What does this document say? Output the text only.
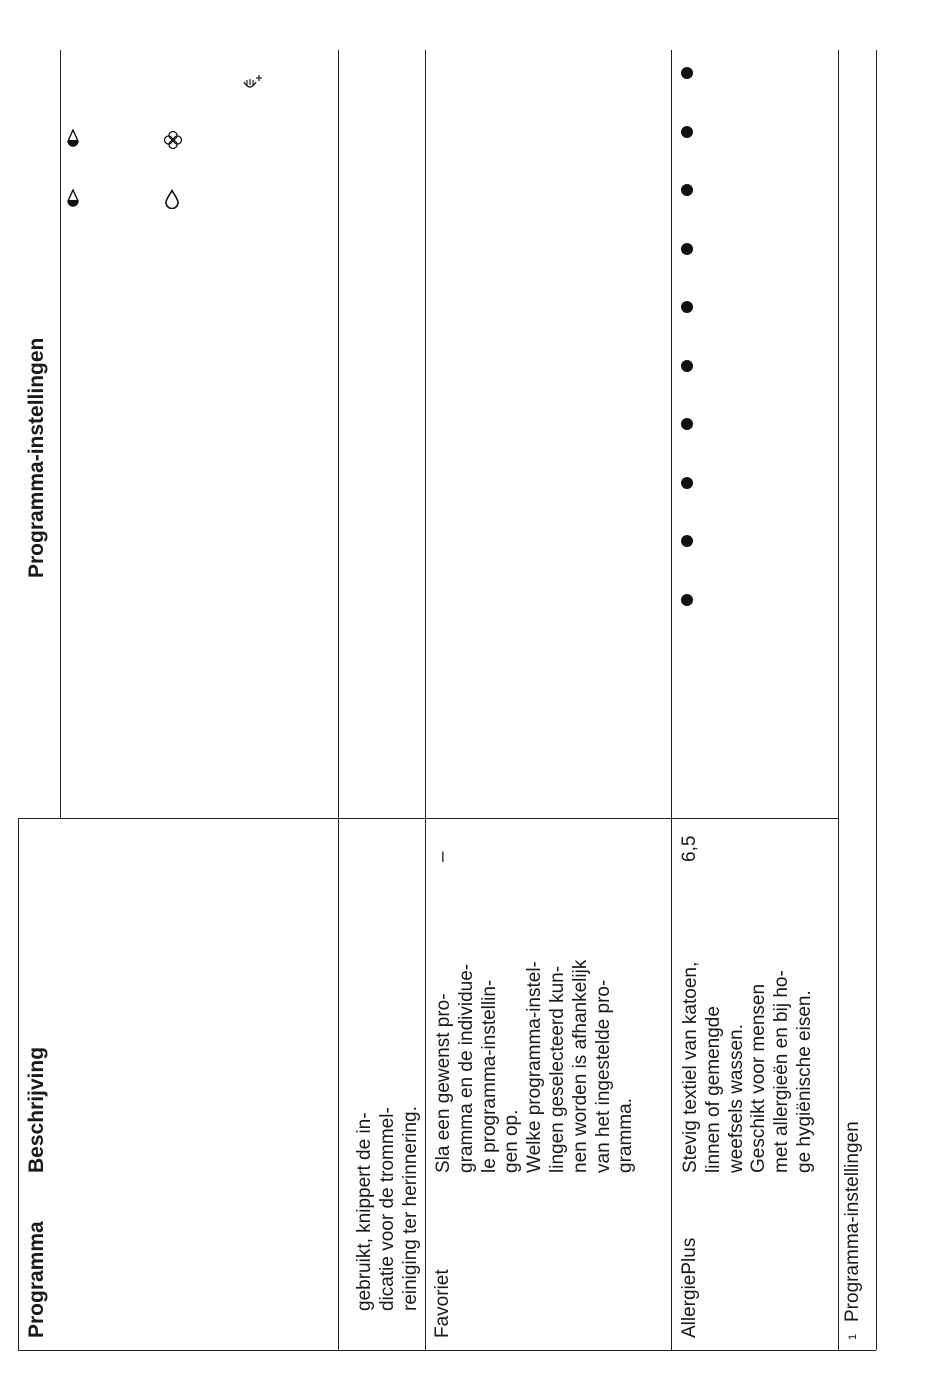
Programma
Beschrijving
Programma-instellingen
gebruikt, knippert de in-
dicatie voor de trommel-
reiniging ter herinnering.
Favoriet
Sla een gewenst pro-
gramma en de individue-
le programma-instellin-
gen op.
Welke programma-instel-
lingen geselecteerd kun-
nen worden is afhankelijk
van het ingestelde pro-
gramma.
–
AllergiePlus
Stevig textiel van katoen,
linnen of gemengde
weefsels wassen.
Geschikt voor mensen
met allergieën en bij ho-
ge hygiënische eisen.
6,5
1
Programma-instellingen
